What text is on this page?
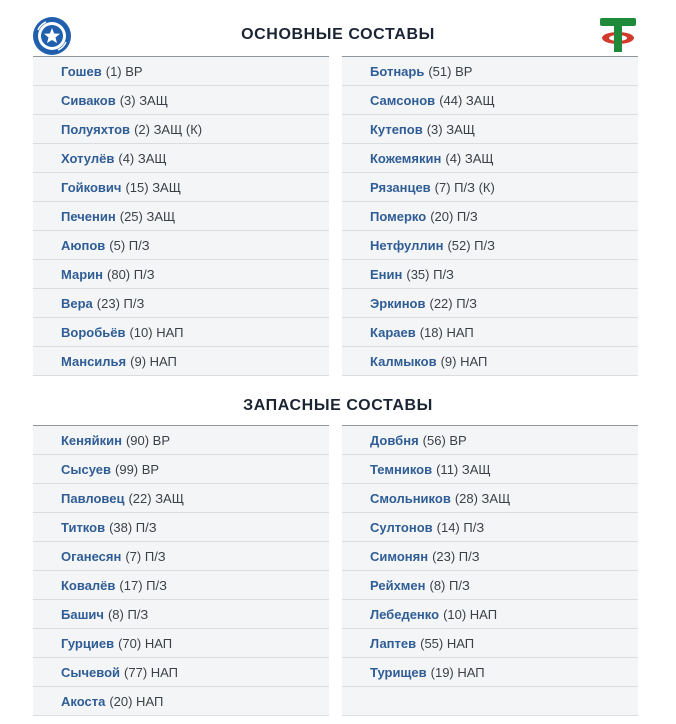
ОСНОВНЫЕ СОСТАВЫ
Гошев (1) ВР
Сиваков (3) ЗАЩ
Полуяхтов (2) ЗАЩ (К)
Хотулёв (4) ЗАЩ
Гойкович (15) ЗАЩ
Печенин (25) ЗАЩ
Аюпов (5) П/З
Марин (80) П/З
Вера (23) П/З
Воробьёв (10) НАП
Мансилья (9) НАП
Ботнарь (51) ВР
Самсонов (44) ЗАЩ
Кутепов (3) ЗАЩ
Кожемякин (4) ЗАЩ
Рязанцев (7) П/З (К)
Померко (20) П/З
Нетфуллин (52) П/З
Енин (35) П/З
Эркинов (22) П/З
Караев (18) НАП
Калмыков (9) НАП
ЗАПАСНЫЕ СОСТАВЫ
Кеняйкин (90) ВР
Сысуев (99) ВР
Павловец (22) ЗАЩ
Титков (38) П/З
Оганесян (7) П/З
Ковалёв (17) П/З
Башич (8) П/З
Гурциев (70) НАП
Сычевой (77) НАП
Акоста (20) НАП
Довбня (56) ВР
Темников (11) ЗАЩ
Смольников (28) ЗАЩ
Султонов (14) П/З
Симонян (23) П/З
Рейхмен (8) П/З
Лебеденко (10) НАП
Лаптев (55) НАП
Турищев (19) НАП
